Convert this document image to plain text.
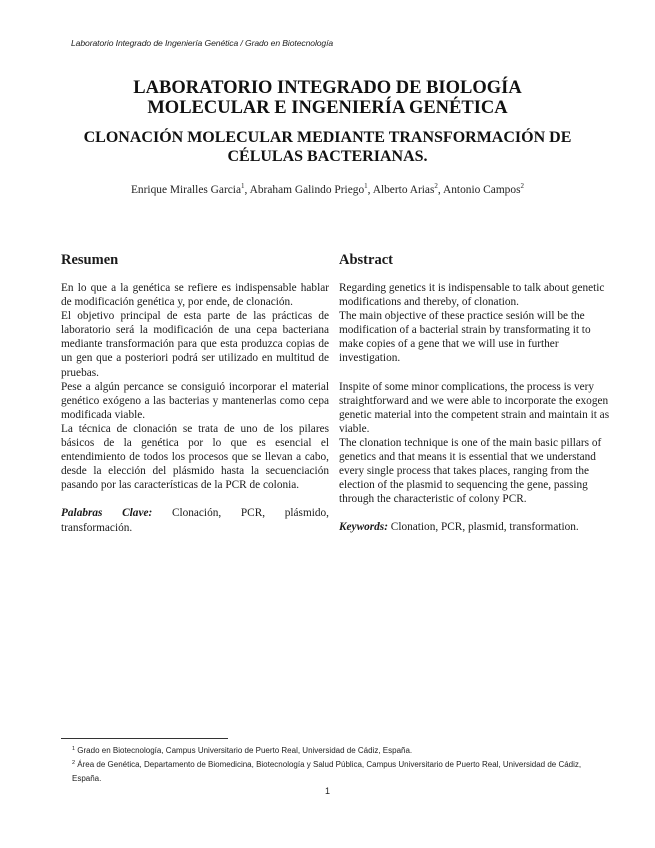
Laboratorio Integrado de Ingeniería Genética / Grado en Biotecnología
LABORATORIO INTEGRADO DE BIOLOGÍA
MOLECULAR E INGENIERÍA GENÉTICA
CLONACIÓN MOLECULAR MEDIANTE TRANSFORMACIÓN DE
CÉLULAS BACTERIANAS.
Enrique Miralles Garcia$^1$, Abraham Galindo Priego$^1$, Alberto Arias$^2$, Antonio Campos$^2$
Resumen

En lo que a la genética se refiere es indispensable hablar de modificación genética y, por ende, de clonación.

El objetivo principal de esta parte de las prácticas de laboratorio será la modificación de una cepa bacteriana mediante transformación para que esta produzca copias de un gen que a posteriori podrá ser utilizado en multitud de pruebas.

Pese a algún percance se consiguió incorporar el material genético exógeno a las bacterias y mantenerlas como cepa modificada viable.

La técnica de clonación se trata de uno de los pilares básicos de la genética por lo que es esencial el entendimiento de todos los procesos que se llevan a cabo, desde la elección del plásmido hasta la secuenciación pasando por las características de la PCR de colonia.

Palabras Clave: Clonación, PCR, plásmido, transformación.

Abstract

Regarding genetics it is indispensable to talk about genetic modifications and thereby, of clonation.

The main objective of these practice sesión will be the modification of a bacterial strain by transformating it to make copies of a gene that we will use in further investigation.

Inspite of some minor complications, the process is very straightforward and we were able to incorporate the exogen genetic material into the competent strain and maintain it as viable.

The clonation technique is one of the main basic pillars of genetics and that means it is essential that we understand every single process that takes places, ranging from the election of the plasmid to sequencing the gene, passing through the characteristic of colony PCR.

Keywords: Clonation, PCR, plasmid, transformation.

$^1$ Grado en Biotecnología, Campus Universitario de Puerto Real, Universidad de Cádiz, España.
$^2$ Área de Genética, Departamento de Biomedicina, Biotecnología y Salud Pública, Campus Universitario de Puerto Real, Universidad de Cádiz, España.
1
